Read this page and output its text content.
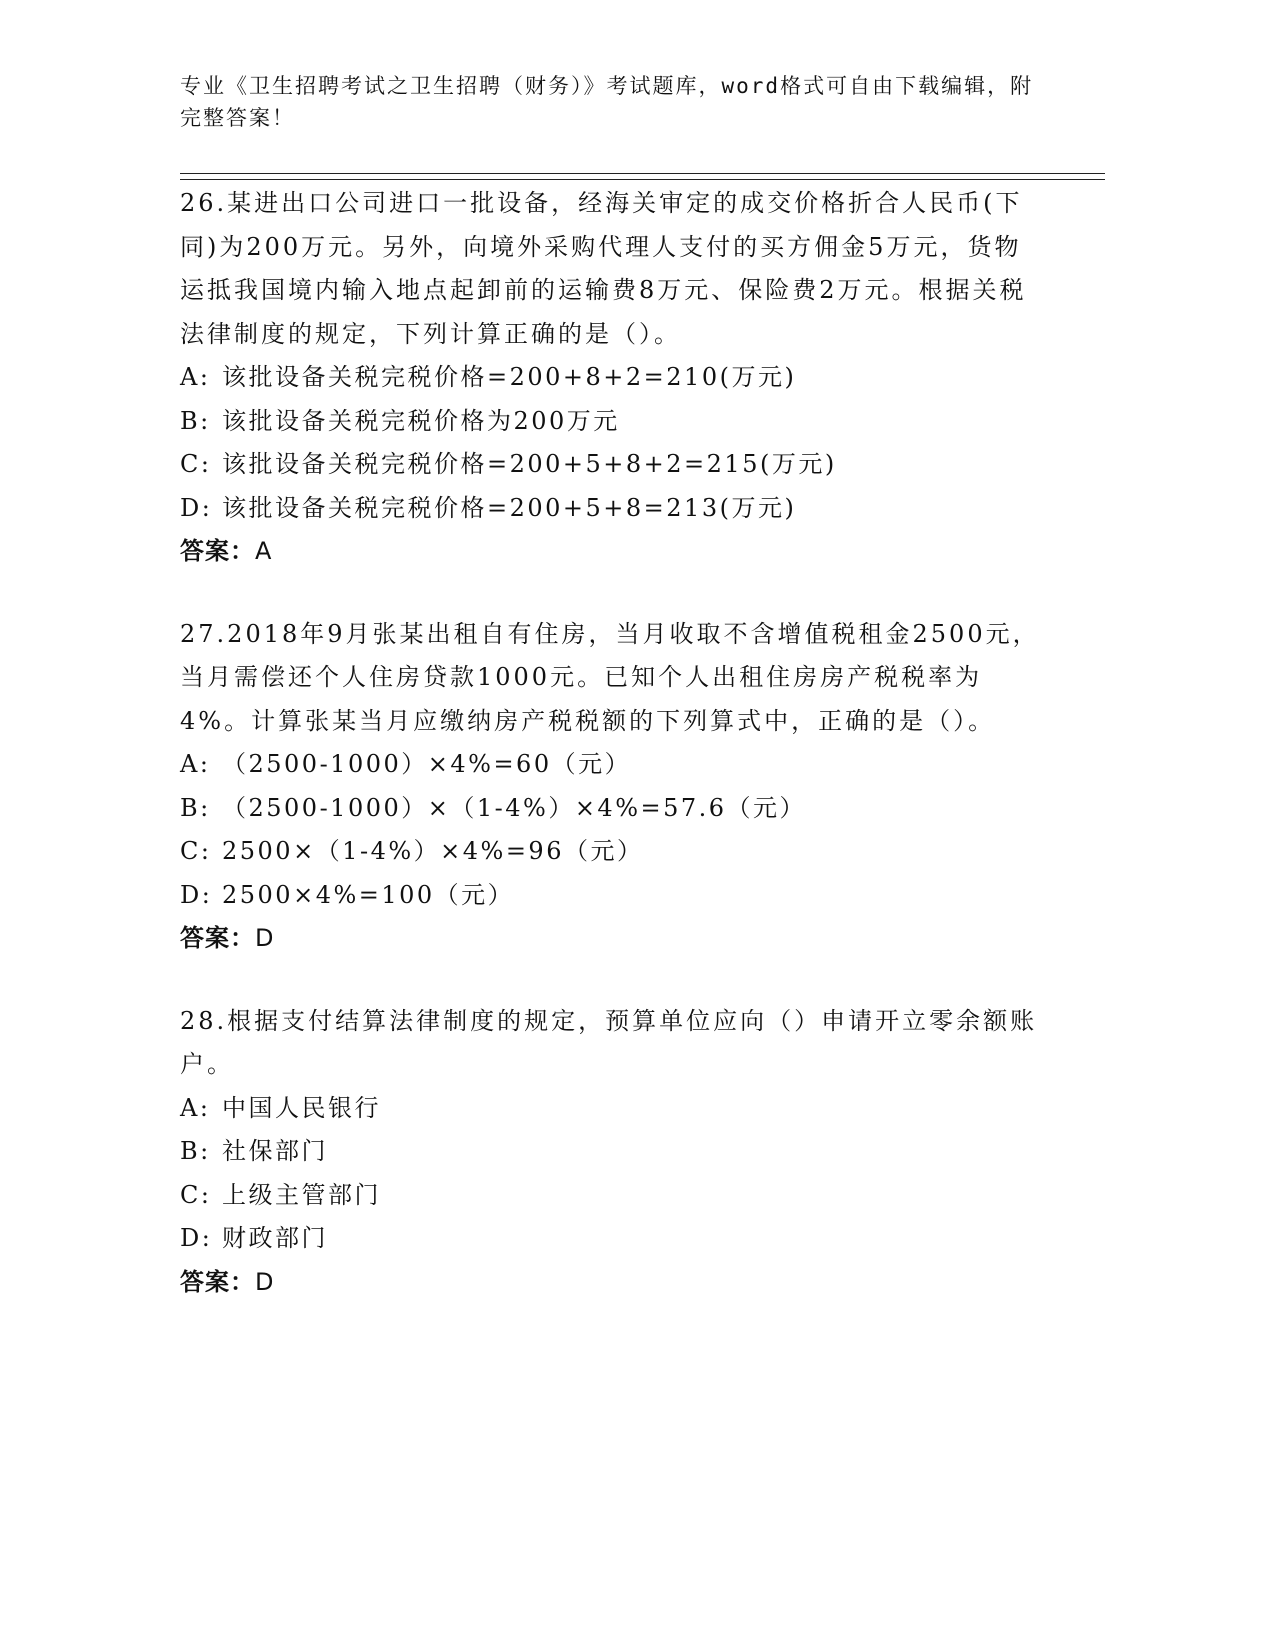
专业《卫生招聘考试之卫生招聘（财务）》考试题库，word格式可自由下载编辑，附完整答案！
26.某进出口公司进口一批设备，经海关审定的成交价格折合人民币(下同)为200万元。另外，向境外采购代理人支付的买方佣金5万元，货物运抵我国境内输入地点起卸前的运输费8万元、保险费2万元。根据关税法律制度的规定，下列计算正确的是（）。
A: 该批设备关税完税价格=200+8+2=210(万元)
B: 该批设备关税完税价格为200万元
C: 该批设备关税完税价格=200+5+8+2=215(万元)
D: 该批设备关税完税价格=200+5+8=213(万元)
答案：A
27.2018年9月张某出租自有住房，当月收取不含增值税租金2500元，当月需偿还个人住房贷款1000元。已知个人出租住房房产税税率为4%。计算张某当月应缴纳房产税税额的下列算式中，正确的是（）。
A: （2500-1000）×4%=60（元）
B: （2500-1000）×（1-4%）×4%=57.6（元）
C: 2500×（1-4%）×4%=96（元）
D: 2500×4%=100（元）
答案：D
28.根据支付结算法律制度的规定，预算单位应向（）申请开立零余额账户。
A: 中国人民银行
B: 社保部门
C: 上级主管部门
D: 财政部门
答案：D
